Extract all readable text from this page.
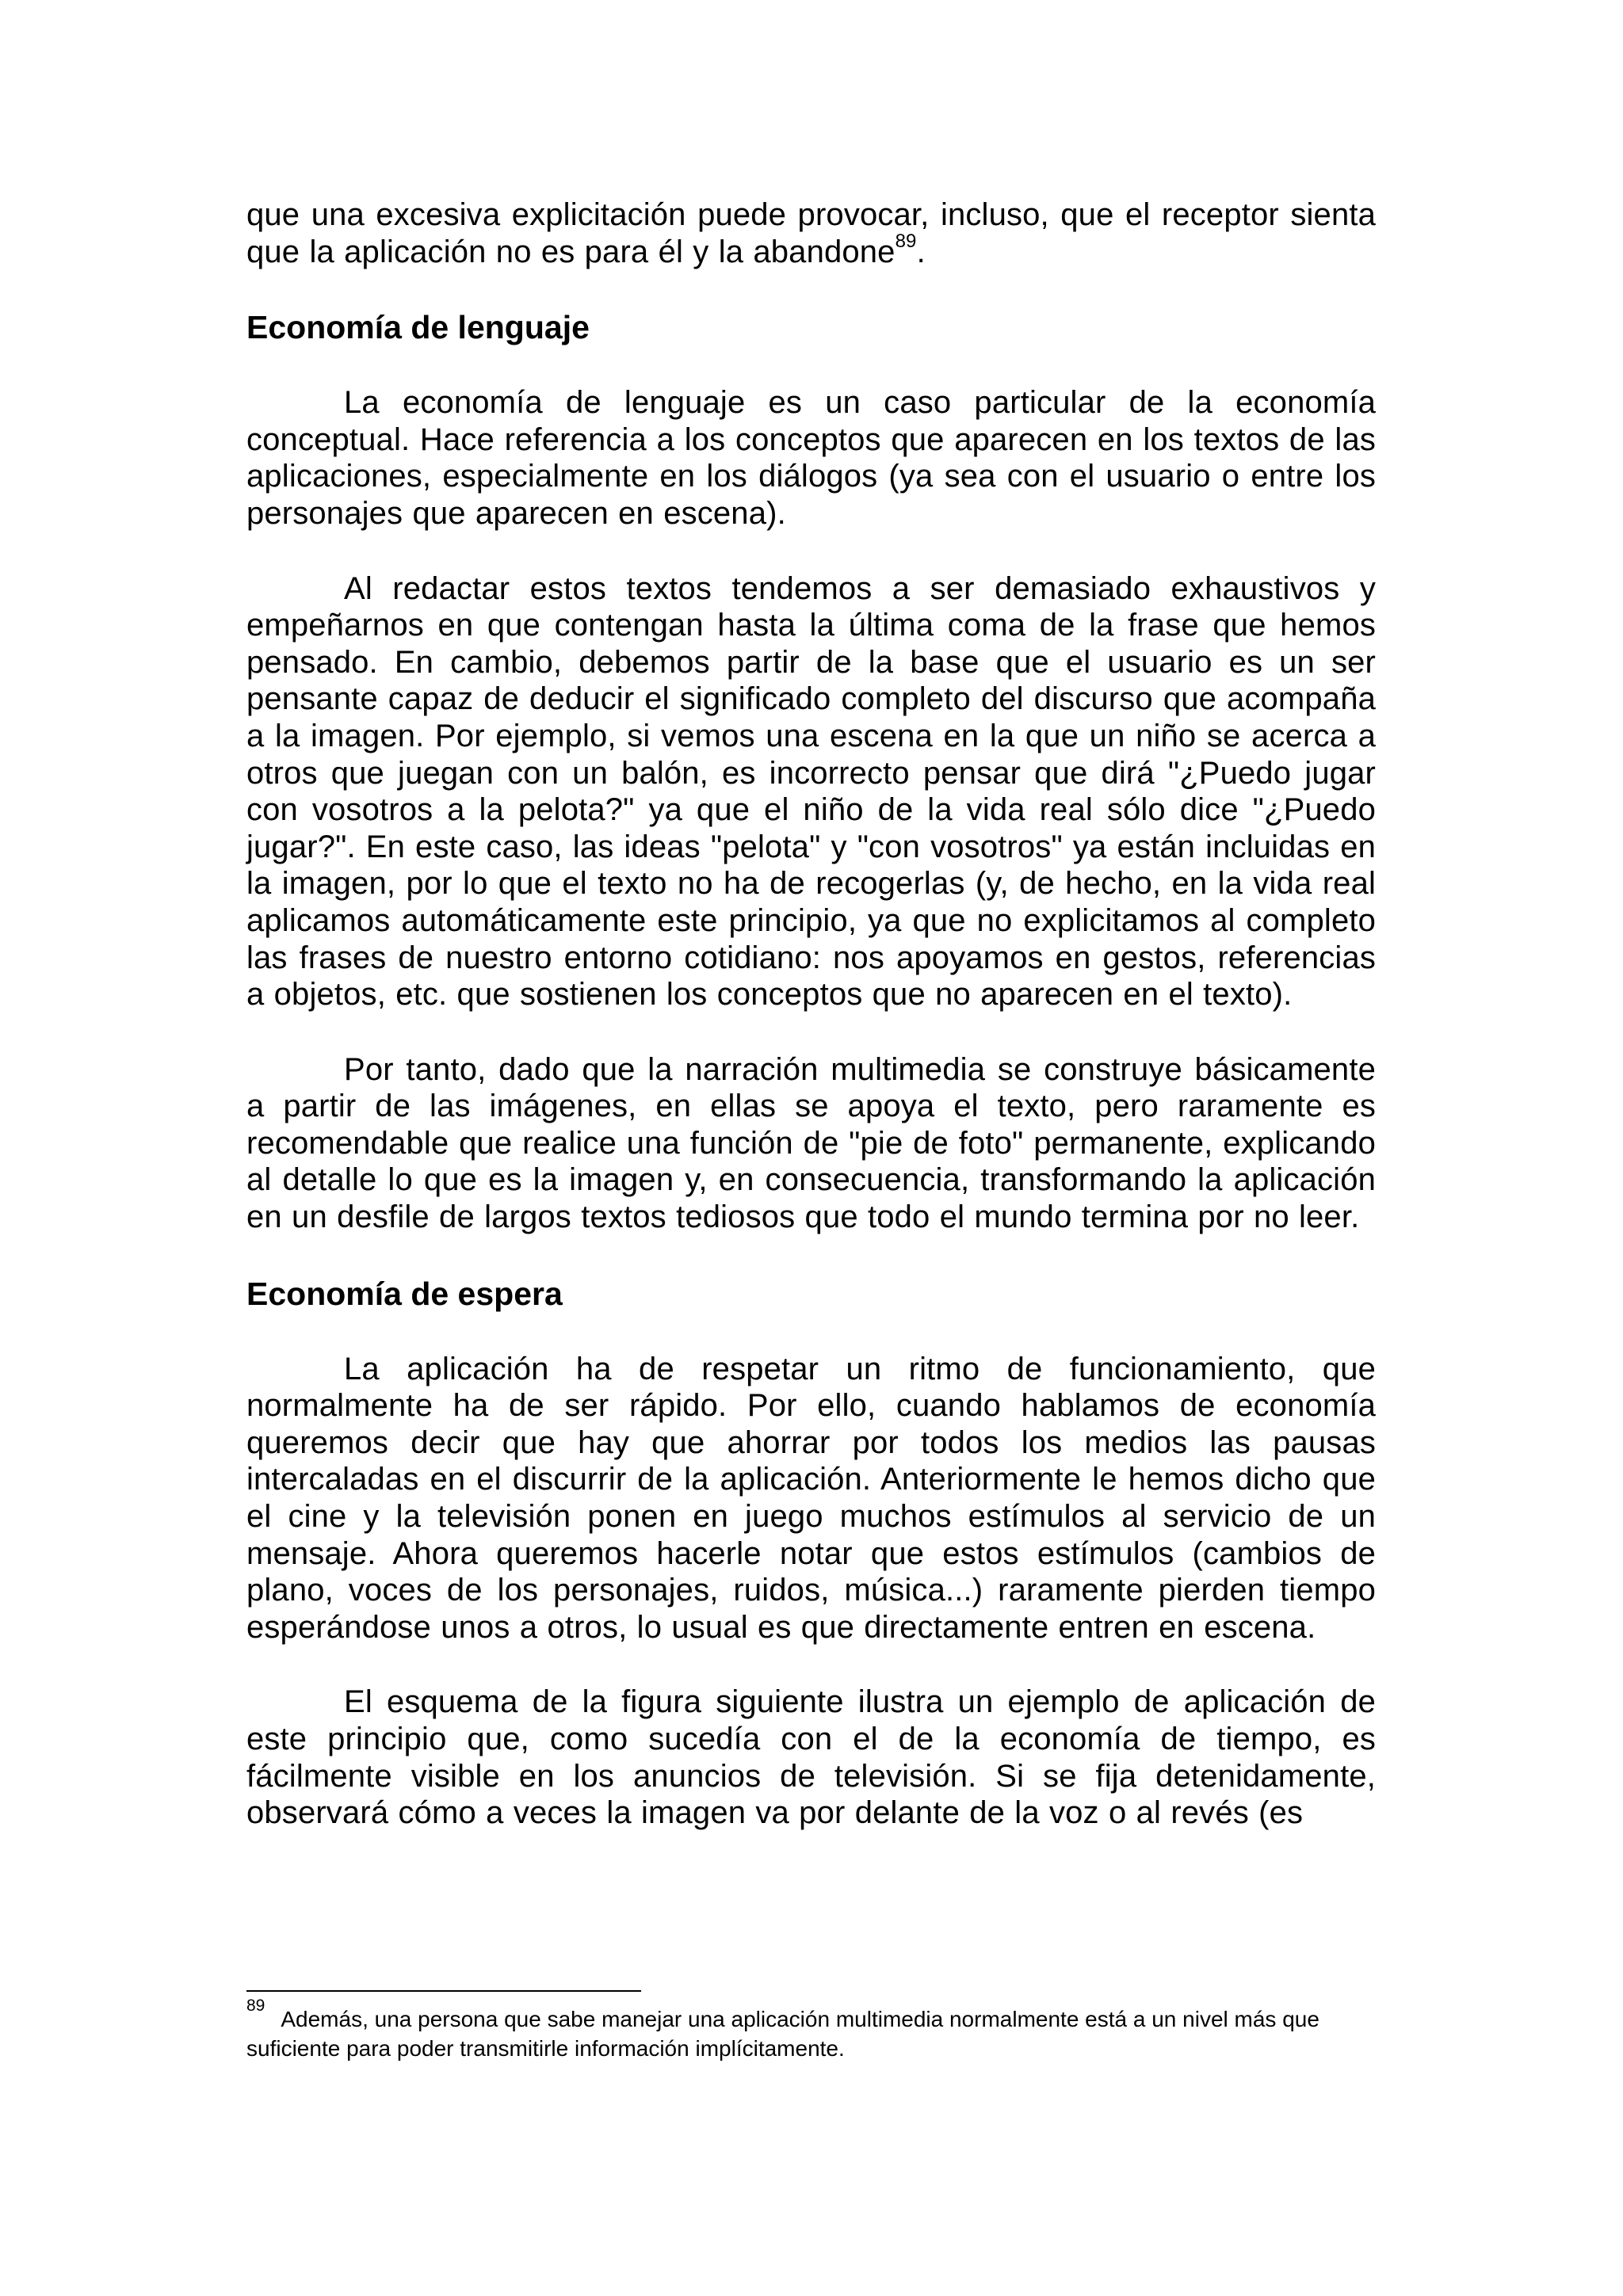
que una excesiva explicitación puede provocar, incluso, que el receptor sienta que la aplicación no es para él y la abandone$^{89}$.

Economía de lenguaje

La economía de lenguaje es un caso particular de la economía conceptual. Hace referencia a los conceptos que aparecen en los textos de las aplicaciones, especialmente en los diálogos (ya sea con el usuario o entre los personajes que aparecen en escena).

Al redactar estos textos tendemos a ser demasiado exhaustivos y empeñarnos en que contengan hasta la última coma de la frase que hemos pensado. En cambio, debemos partir de la base que el usuario es un ser pensante capaz de deducir el significado completo del discurso que acompaña a la imagen. Por ejemplo, si vemos una escena en la que un niño se acerca a otros que juegan con un balón, es incorrecto pensar que dirá "¿Puedo jugar con vosotros a la pelota?" ya que el niño de la vida real sólo dice "¿Puedo jugar?". En este caso, las ideas "pelota" y "con vosotros" ya están incluidas en la imagen, por lo que el texto no ha de recogerlas (y, de hecho, en la vida real aplicamos automáticamente este principio, ya que no explicitamos al completo las frases de nuestro entorno cotidiano: nos apoyamos en gestos, referencias a objetos, etc. que sostienen los conceptos que no aparecen en el texto).

Por tanto, dado que la narración multimedia se construye básicamente a partir de las imágenes, en ellas se apoya el texto, pero raramente es recomendable que realice una función de "pie de foto" permanente, explicando al detalle lo que es la imagen y, en consecuencia, transformando la aplicación en un desfile de largos textos tediosos que todo el mundo termina por no leer.

Economía de espera

La aplicación ha de respetar un ritmo de funcionamiento, que normalmente ha de ser rápido. Por ello, cuando hablamos de economía queremos decir que hay que ahorrar por todos los medios las pausas intercaladas en el discurrir de la aplicación. Anteriormente le hemos dicho que el cine y la televisión ponen en juego muchos estímulos al servicio de un mensaje. Ahora queremos hacerle notar que estos estímulos (cambios de plano, voces de los personajes, ruidos, música...) raramente pierden tiempo esperándose unos a otros, lo usual es que directamente entren en escena.

El esquema de la figura siguiente ilustra un ejemplo de aplicación de este principio que, como sucedía con el de la economía de tiempo, es fácilmente visible en los anuncios de televisión. Si se fija detenidamente, observará cómo a veces la imagen va por delante de la voz o al revés (es

$^{89}$Además, una persona que sabe manejar una aplicación multimedia normalmente está a un nivel más que suficiente para poder transmitirle información implícitamente.
